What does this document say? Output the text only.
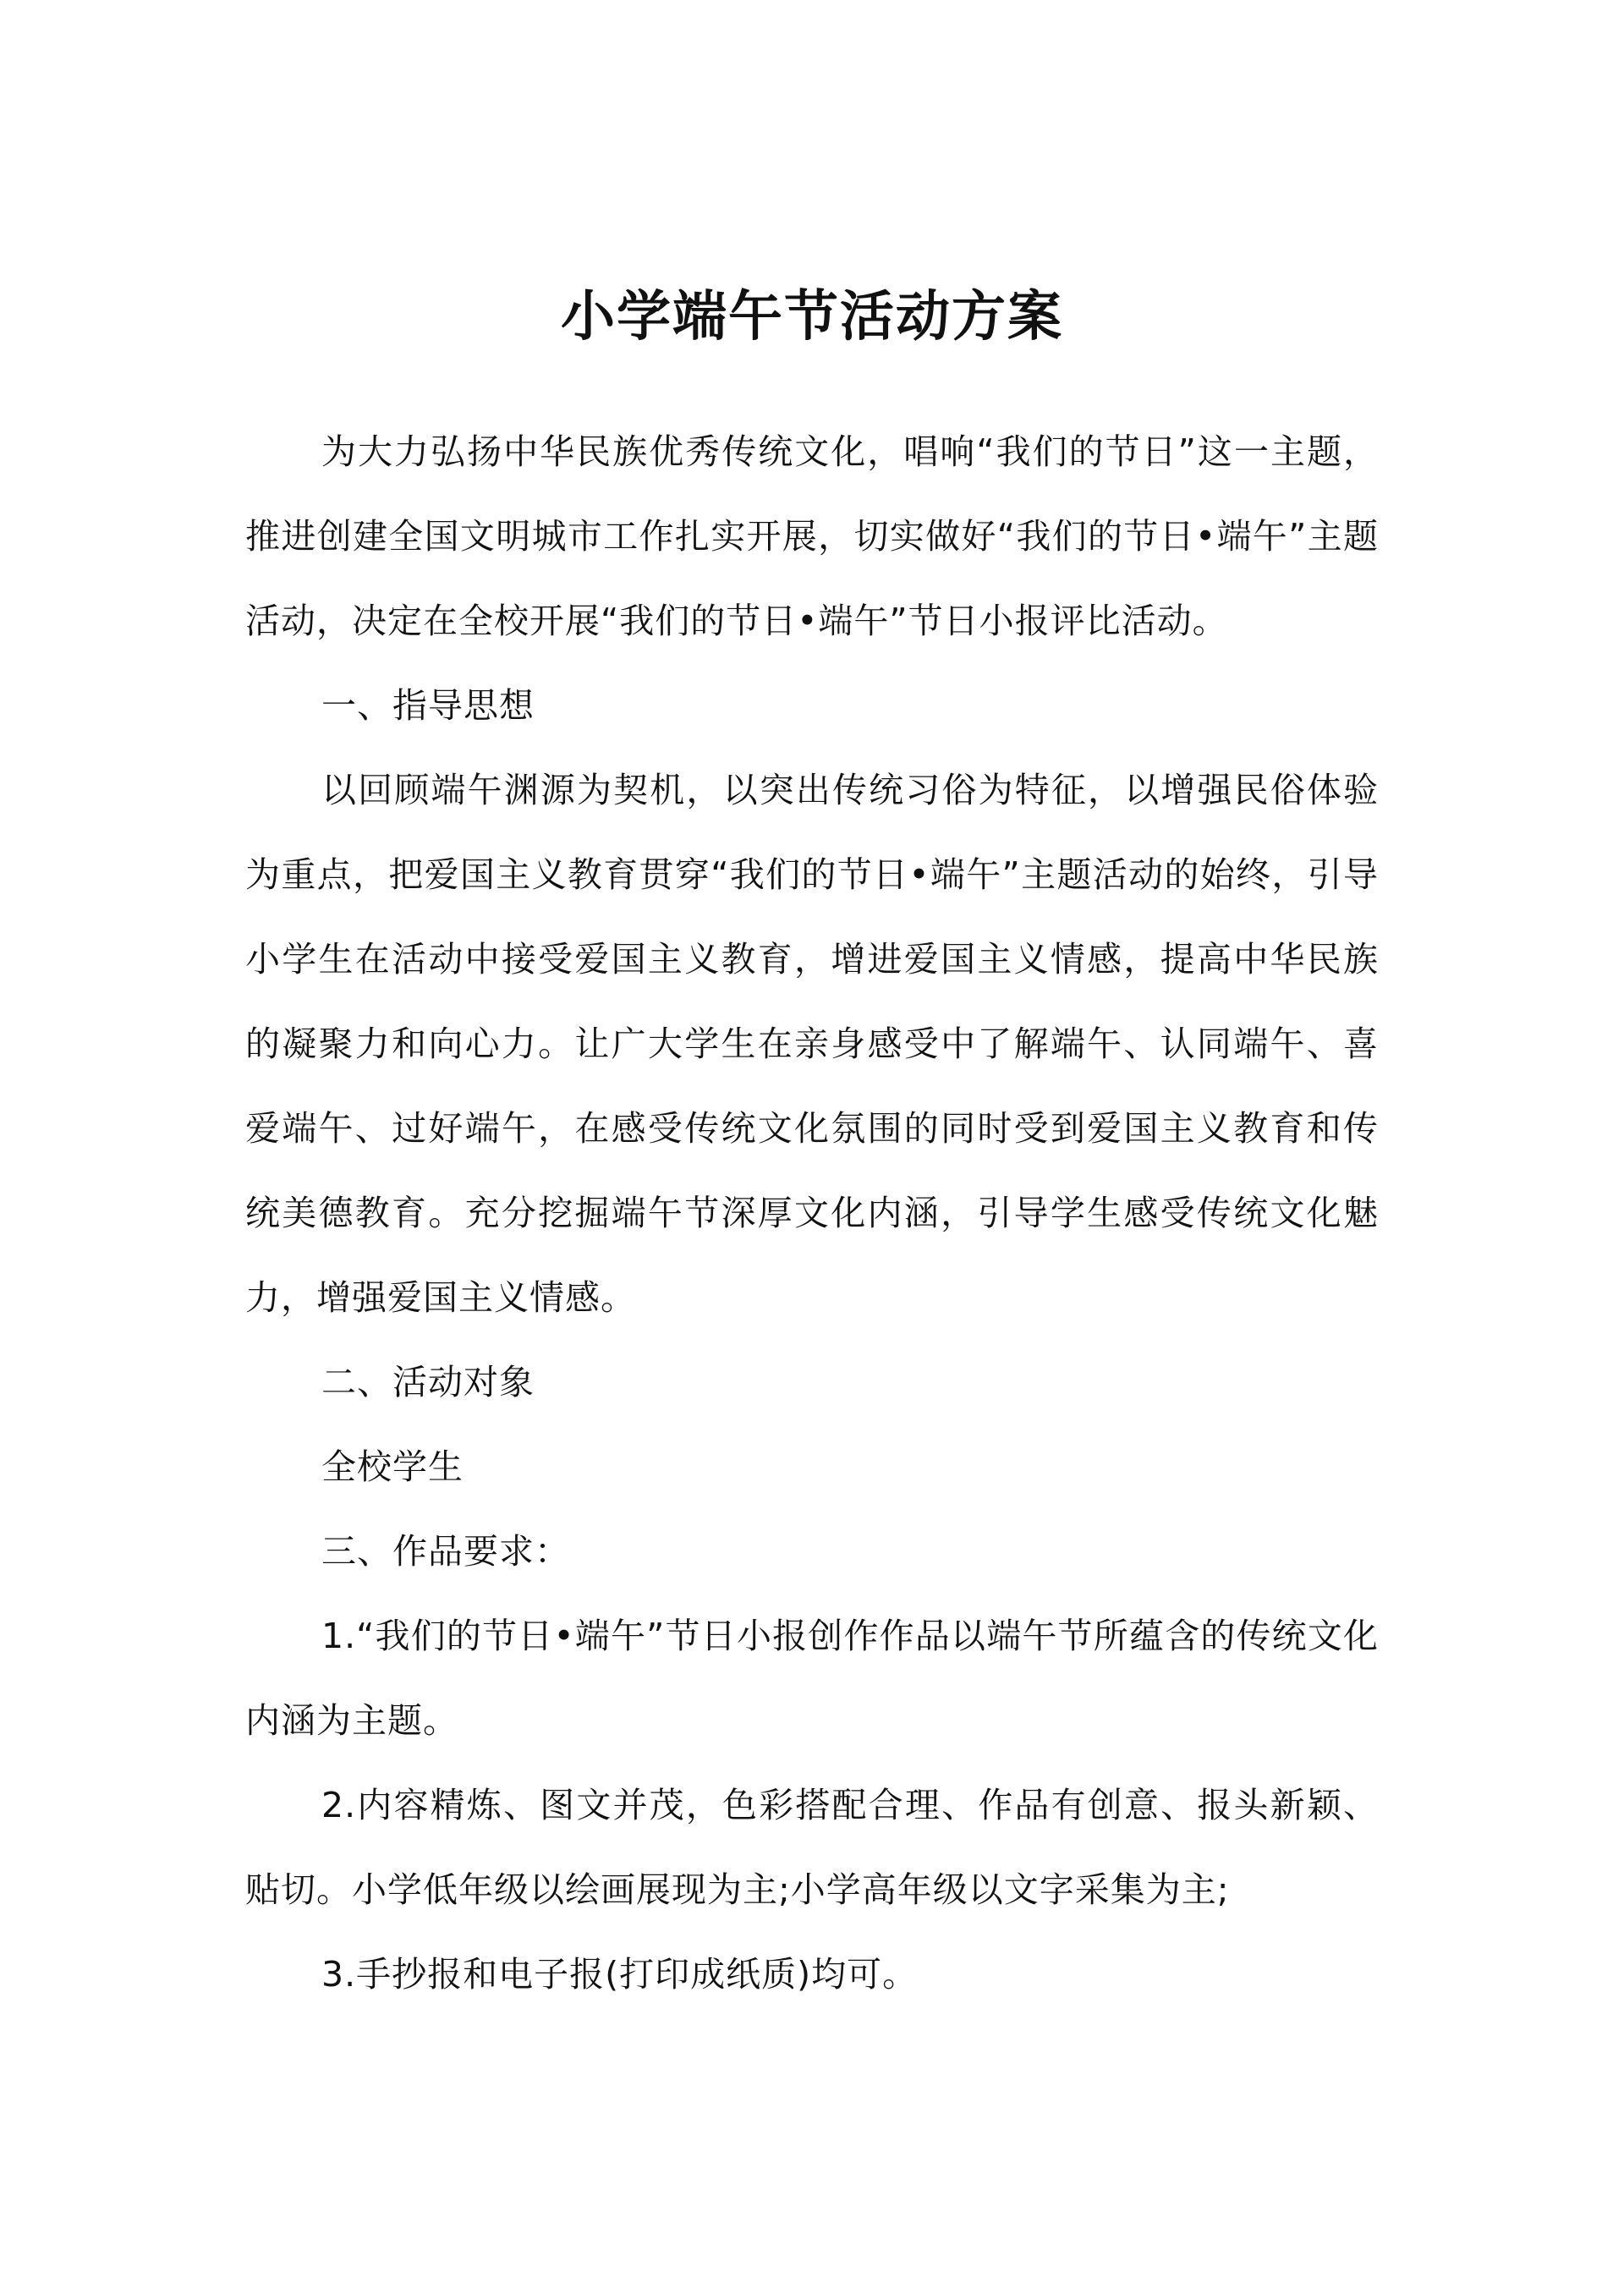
小学端午节活动方案

为大力弘扬中华民族优秀传统文化，唱响“我们的节日”这一主题，推进创建全国文明城市工作扎实开展，切实做好“我们的节日•端午”主题活动，决定在全校开展“我们的节日•端午”节日小报评比活动。

一、指导思想

以回顾端午渊源为契机，以突出传统习俗为特征，以增强民俗体验为重点，把爱国主义教育贯穿“我们的节日•端午”主题活动的始终，引导小学生在活动中接受爱国主义教育，增进爱国主义情感，提高中华民族的凝聚力和向心力。让广大学生在亲身感受中了解端午、认同端午、喜爱端午、过好端午，在感受传统文化氛围的同时受到爱国主义教育和传统美德教育。充分挖掘端午节深厚文化内涵，引导学生感受传统文化魅力，增强爱国主义情感。

二、活动对象

全校学生

三、作品要求：

1.“我们的节日•端午”节日小报创作作品以端午节所蕴含的传统文化内涵为主题。

2.内容精炼、图文并茂，色彩搭配合理、作品有创意、报头新颖、贴切。小学低年级以绘画展现为主;小学高年级以文字采集为主;

3.手抄报和电子报(打印成纸质)均可。
